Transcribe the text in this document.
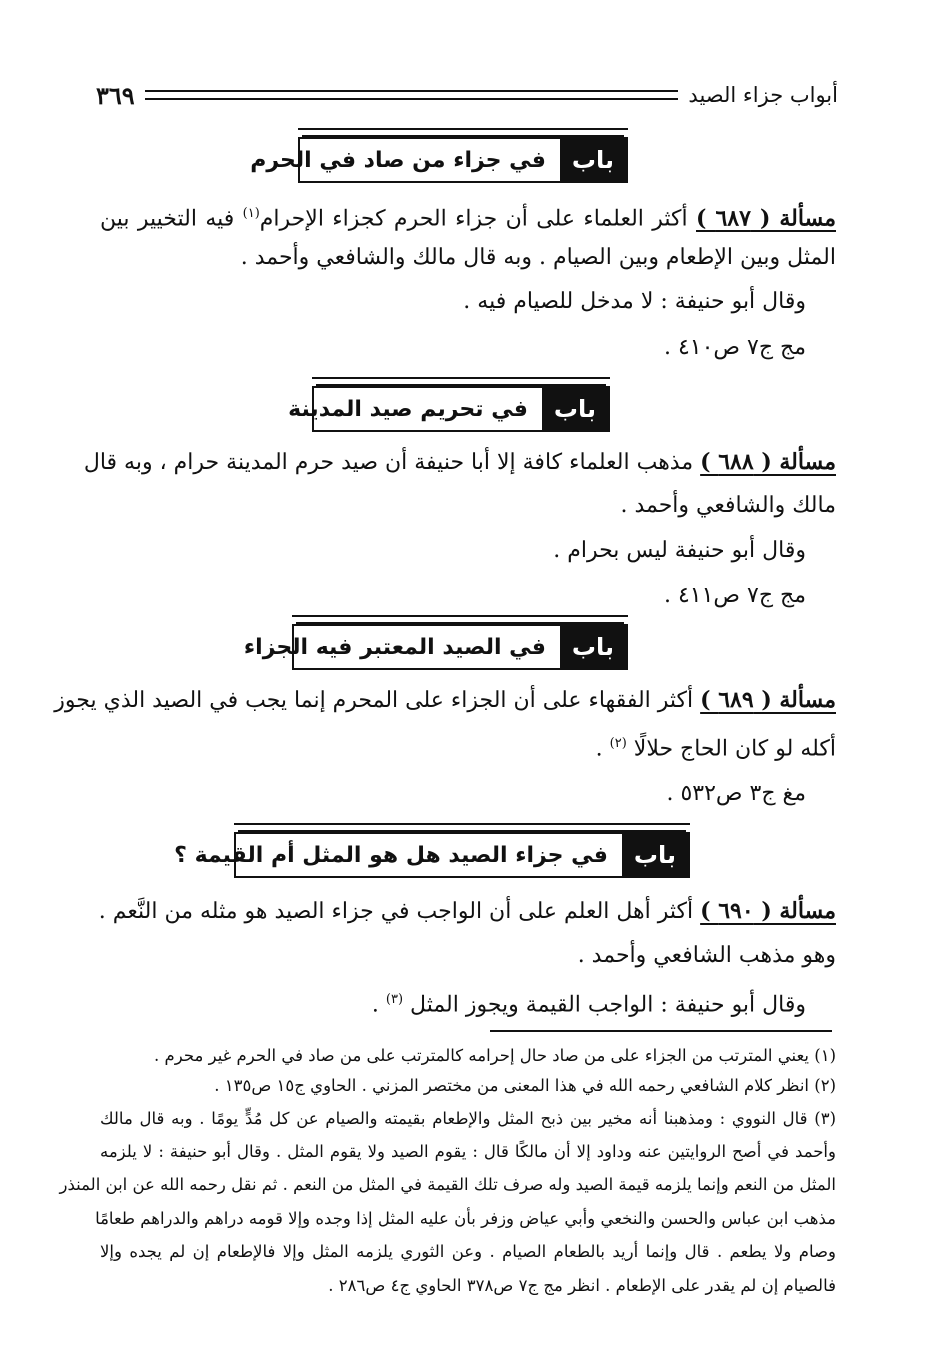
أبواب جزاء الصيد
٣٦٩
باب
في جزاء من صاد في الحرم
مسألة ( ٦٨٧ ) أكثر العلماء على أن جزاء الحرم كجزاء الإحرام$^{(١)}$ فيه التخيير بين
المثل وبين الإطعام وبين الصيام . وبه قال مالك والشافعي وأحمد .
وقال أبو حنيفة : لا مدخل للصيام فيه .
مج ج٧ ص٤١٠ .
باب
في تحريم صيد المدينة
مسألة ( ٦٨٨ ) مذهب العلماء كافة إلا أبا حنيفة أن صيد حرم المدينة حرام ، وبه قال
مالك والشافعي وأحمد .
وقال أبو حنيفة ليس بحرام .
مج ج٧ ص٤١١ .
باب
في الصيد المعتبر فيه الجزاء
مسألة ( ٦٨٩ ) أكثر الفقهاء على أن الجزاء على المحرم إنما يجب في الصيد الذي يجوز
أكله لو كان الحاج حلالًا $^{(٢)}$ .
مغ ج٣ ص٥٣٢ .
باب
في جزاء الصيد هل هو المثل أم القيمة ؟
مسألة ( ٦٩٠ ) أكثر أهل العلم على أن الواجب في جزاء الصيد هو مثله من النَّعم .
وهو مذهب الشافعي وأحمد .
وقال أبو حنيفة : الواجب القيمة ويجوز المثل $^{(٣)}$ .
(١) يعني المترتب من الجزاء على من صاد حال إحرامه كالمترتب على من صاد في الحرم غير محرم .
(٢) انظر كلام الشافعي رحمه الله في هذا المعنى من مختصر المزني . الحاوي ج١٥ ص١٣٥ .
(٣) قال النووي : ومذهبنا أنه مخير بين ذبح المثل والإطعام بقيمته والصيام عن كل مُدٍّ يومًا . وبه قال مالك
وأحمد في أصح الروايتين عنه وداود إلا أن مالكًا قال : يقوم الصيد ولا يقوم المثل . وقال أبو حنيفة : لا يلزمه
المثل من النعم وإنما يلزمه قيمة الصيد وله صرف تلك القيمة في المثل من النعم . ثم نقل رحمه الله عن ابن المنذر
مذهب ابن عباس والحسن والنخعي وأبي عياض وزفر بأن عليه المثل إذا وجده وإلا قومه دراهم والدراهم طعامًا
وصام ولا يطعم . قال وإنما أريد بالطعام الصيام . وعن الثوري يلزمه المثل وإلا فالإطعام إن لم يجده وإلا
فالصيام إن لم يقدر على الإطعام . انظر مج ج٧ ص٣٧٨ الحاوي ج٤ ص٢٨٦ .
